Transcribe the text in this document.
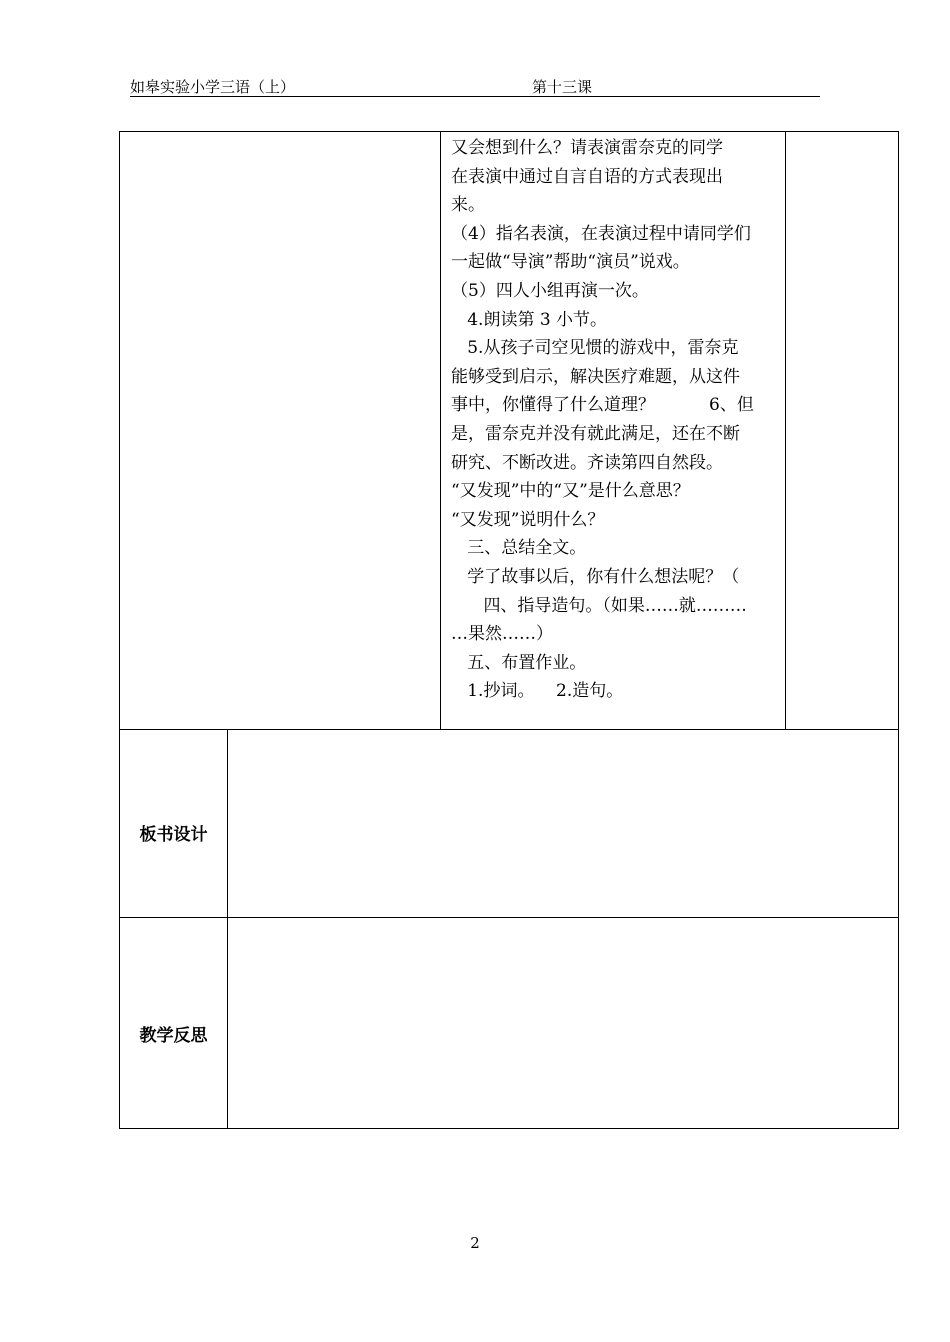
如皋实验小学三语（上）	第十三课

又会想到什么？请表演雷奈克的同学

在表演中通过自言自语的方式表现出

来。

（4）指名表演，在表演过程中请同学们

一起做“导演”帮助“演员”说戏。

（5）四人小组再演一次。

4.朗读第 3 小节。

5.从孩子司空见惯的游戏中，雷奈克

能够受到启示，解决医疗难题，从这件

事中，你懂得了什么道理？          6、但

是，雷奈克并没有就此满足，还在不断

研究、不断改进。齐读第四自然段。

“又发现”中的“又”是什么意思？

“又发现”说明什么？

三、总结全文。

学了故事以后，你有什么想法呢？（

四、指导造句。（如果……就………

…果然……）

五、布置作业。

1.抄词。    2.造句。

板书设计
教学反思
2
